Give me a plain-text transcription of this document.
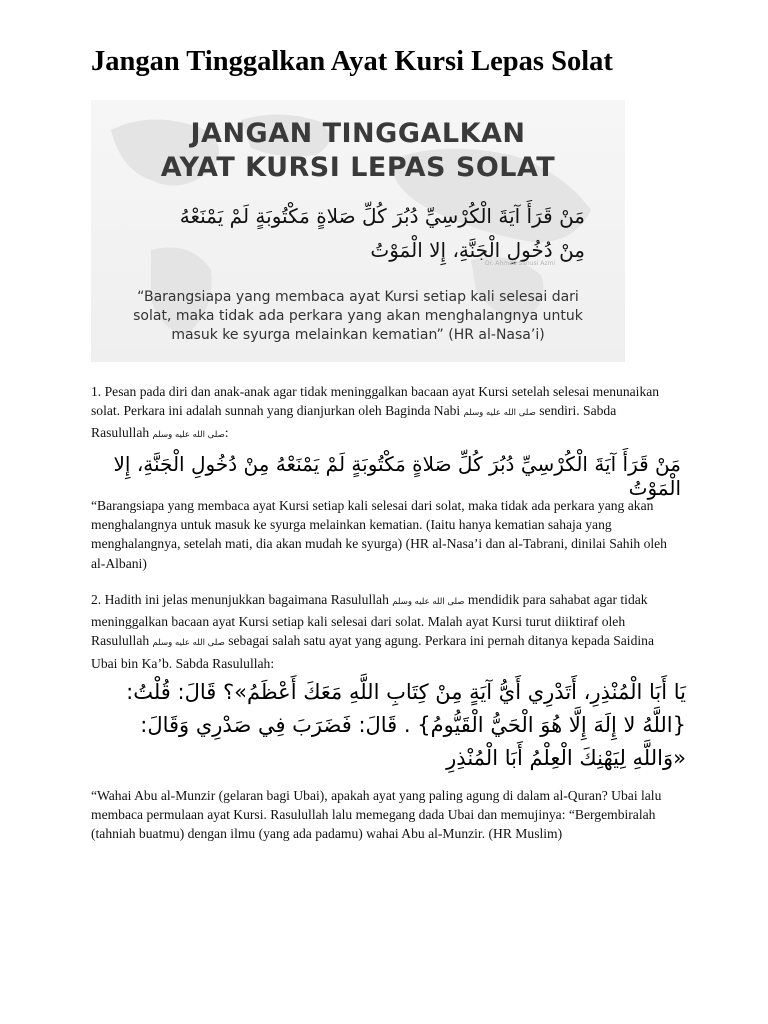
Jangan Tinggalkan Ayat Kursi Lepas Solat
JANGAN TINGGALKAN
AYAT KURSI LEPAS SOLAT
مَنْ قَرَأَ آيَةَ الْكُرْسِيِّ دُبُرَ كُلِّ صَلاةٍ مَكْتُوبَةٍ لَمْ يَمْنَعْهُ
مِنْ دُخُولِ الْجَنَّةِ، إِلا الْمَوْتُ
Dr. Ahmad Sanusi Azmi
“Barangsiapa yang membaca ayat Kursi setiap kali selesai dari solat, maka tidak ada perkara yang akan menghalangnya untuk masuk ke syurga melainkan kematian” (HR al-Nasa’i)

1. Pesan pada diri dan anak-anak agar tidak meninggalkan bacaan ayat Kursi setelah selesai menunaikan solat. Perkara ini adalah sunnah yang dianjurkan oleh Baginda Nabi صلى الله عليه وسلم sendiri. Sabda Rasulullah صلى الله عليه وسلم:

مَنْ قَرَأَ آيَةَ الْكُرْسِيِّ دُبُرَ كُلِّ صَلاةٍ مَكْتُوبَةٍ لَمْ يَمْنَعْهُ مِنْ دُخُولِ الْجَنَّةِ، إِلا الْمَوْتُ

“Barangsiapa yang membaca ayat Kursi setiap kali selesai dari solat, maka tidak ada perkara yang akan menghalangnya untuk masuk ke syurga melainkan kematian. (Iaitu hanya kematian sahaja yang menghalangnya, setelah mati, dia akan mudah ke syurga) (HR al-Nasa’i dan al-Tabrani, dinilai Sahih oleh al-Albani)

2. Hadith ini jelas menunjukkan bagaimana Rasulullah صلى الله عليه وسلم mendidik para sahabat agar tidak meninggalkan bacaan ayat Kursi setiap kali selesai dari solat. Malah ayat Kursi turut diiktiraf oleh Rasulullah صلى الله عليه وسلم sebagai salah satu ayat yang agung. Perkara ini pernah ditanya kepada Saidina Ubai bin Ka’b. Sabda Rasulullah:

يَا أَبَا الْمُنْذِرِ، أَتَدْرِي أَيُّ آيَةٍ مِنْ كِتَابِ اللَّهِ مَعَكَ أَعْظَمُ»؟ قَالَ: قُلْتُ: {اللَّهُ لا إِلَهَ إِلَّا هُوَ الْحَيُّ الْقَيُّومُ} . قَالَ: فَضَرَبَ فِي صَدْرِي وَقَالَ: «وَاللَّهِ لِيَهْنِكَ الْعِلْمُ أَبَا الْمُنْذِرِ

“Wahai Abu al-Munzir (gelaran bagi Ubai), apakah ayat yang paling agung di dalam al-Quran? Ubai lalu membaca permulaan ayat Kursi. Rasulullah lalu memegang dada Ubai dan memujinya: “Bergembiralah (tahniah buatmu) dengan ilmu (yang ada padamu) wahai Abu al-Munzir. (HR Muslim)
